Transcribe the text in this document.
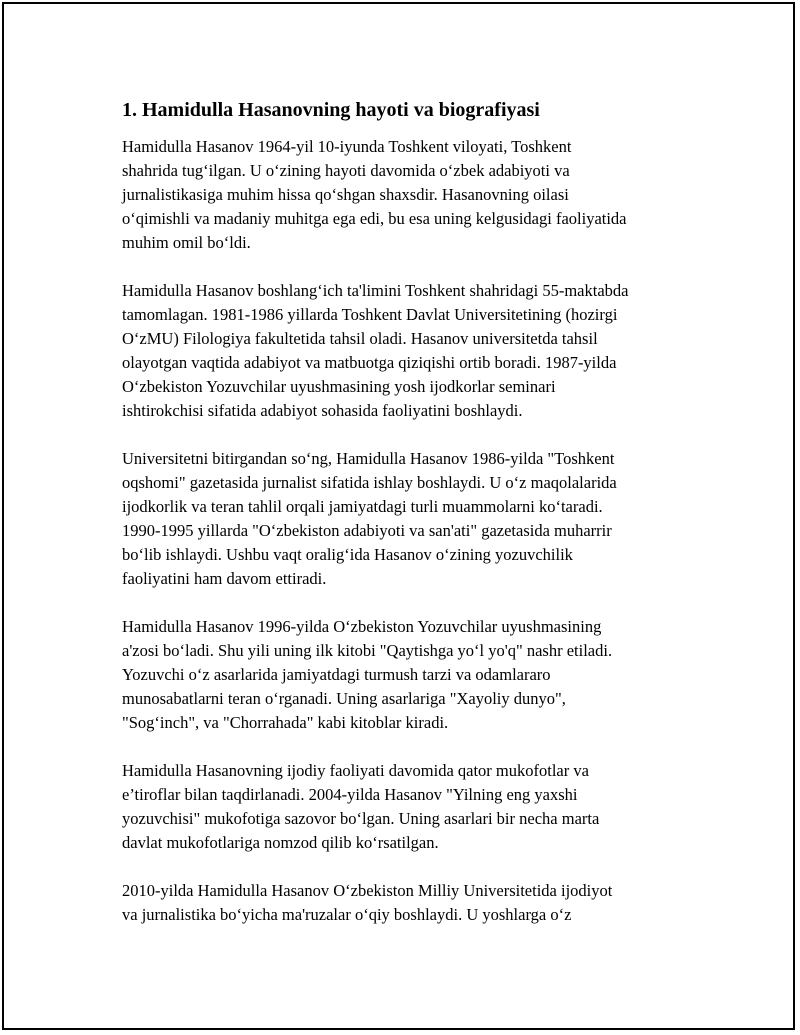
1. Hamidulla Hasanovning hayoti va biografiyasi

Hamidulla Hasanov 1964-yil 10-iyunda Toshkent viloyati, Toshkent
shahrida tug‘ilgan. U o‘zining hayoti davomida o‘zbek adabiyoti va
jurnalistikasiga muhim hissa qo‘shgan shaxsdir. Hasanovning oilasi
o‘qimishli va madaniy muhitga ega edi, bu esa uning kelgusidagi faoliyatida
muhim omil bo‘ldi.

Hamidulla Hasanov boshlang‘ich ta'limini Toshkent shahridagi 55-maktabda
tamomlagan. 1981-1986 yillarda Toshkent Davlat Universitetining (hozirgi
O‘zMU) Filologiya fakultetida tahsil oladi. Hasanov universitetda tahsil
olayotgan vaqtida adabiyot va matbuotga qiziqishi ortib boradi. 1987-yilda
O‘zbekiston Yozuvchilar uyushmasining yosh ijodkorlar seminari
ishtirokchisi sifatida adabiyot sohasida faoliyatini boshlaydi.

Universitetni bitirgandan so‘ng, Hamidulla Hasanov 1986-yilda "Toshkent
oqshomi" gazetasida jurnalist sifatida ishlay boshlaydi. U o‘z maqolalarida
ijodkorlik va teran tahlil orqali jamiyatdagi turli muammolarni ko‘taradi.
1990-1995 yillarda "O‘zbekiston adabiyoti va san'ati" gazetasida muharrir
bo‘lib ishlaydi. Ushbu vaqt oralig‘ida Hasanov o‘zining yozuvchilik
faoliyatini ham davom ettiradi.

Hamidulla Hasanov 1996-yilda O‘zbekiston Yozuvchilar uyushmasining
a'zosi bo‘ladi. Shu yili uning ilk kitobi "Qaytishga yo‘l yo'q" nashr etiladi.
Yozuvchi o‘z asarlarida jamiyatdagi turmush tarzi va odamlararo
munosabatlarni teran o‘rganadi. Uning asarlariga "Xayoliy dunyo",
"Sog‘inch", va "Chorrahada" kabi kitoblar kiradi.

Hamidulla Hasanovning ijodiy faoliyati davomida qator mukofotlar va
e’tiroflar bilan taqdirlanadi. 2004-yilda Hasanov "Yilning eng yaxshi
yozuvchisi" mukofotiga sazovor bo‘lgan. Uning asarlari bir necha marta
davlat mukofotlariga nomzod qilib ko‘rsatilgan.

2010-yilda Hamidulla Hasanov O‘zbekiston Milliy Universitetida ijodiyot
va jurnalistika bo‘yicha ma'ruzalar o‘qiy boshlaydi. U yoshlarga o‘z
